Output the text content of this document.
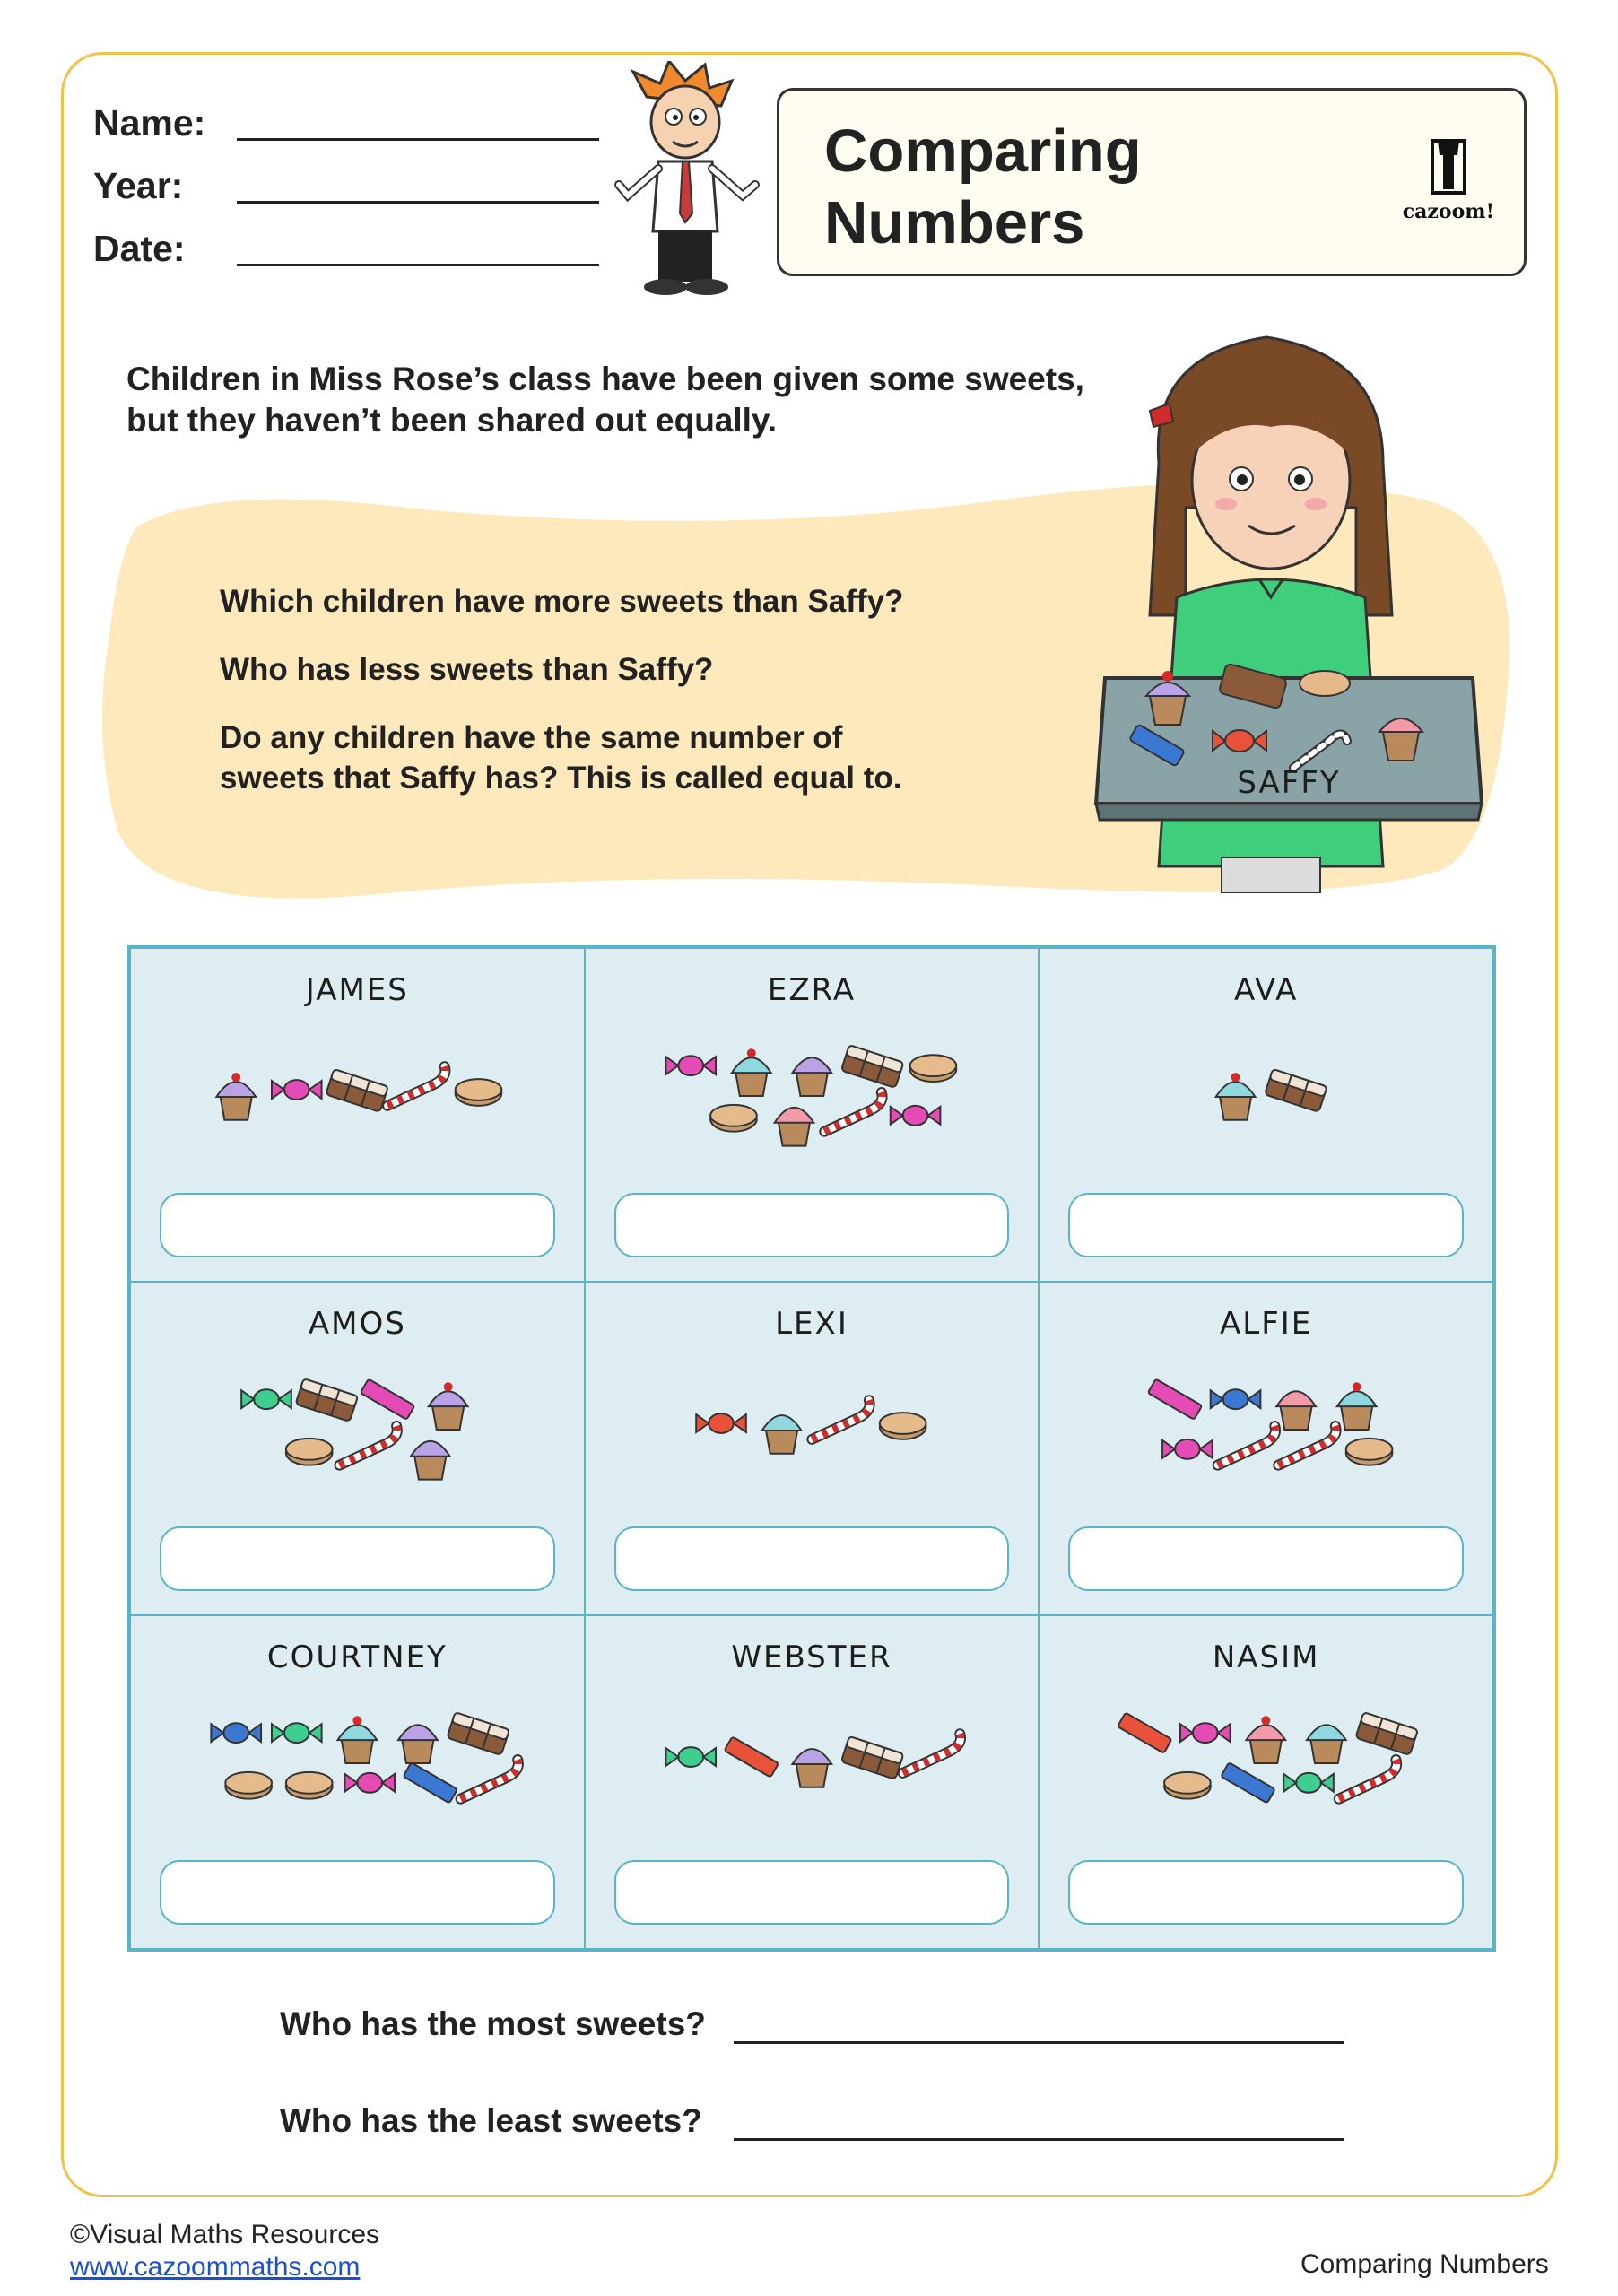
Name:
Year:
Date:
Comparing
Numbers	cazoom!
Children in Miss Rose’s class have been given some sweets,
but they haven’t been shared out equally.
Which children have more sweets than Saffy?
Who has less sweets than Saffy?
Do any children have the same number of
sweets that Saffy has? This is called equal to.	SAFFY
JAMES	EZRA	AVA
AMOS	LEXI	ALFIE
COURTNEY	WEBSTER	NASIM
Who has the most sweets?
Who has the least sweets?
©Visual Maths Resources
www.cazoommaths.com	Comparing Numbers
